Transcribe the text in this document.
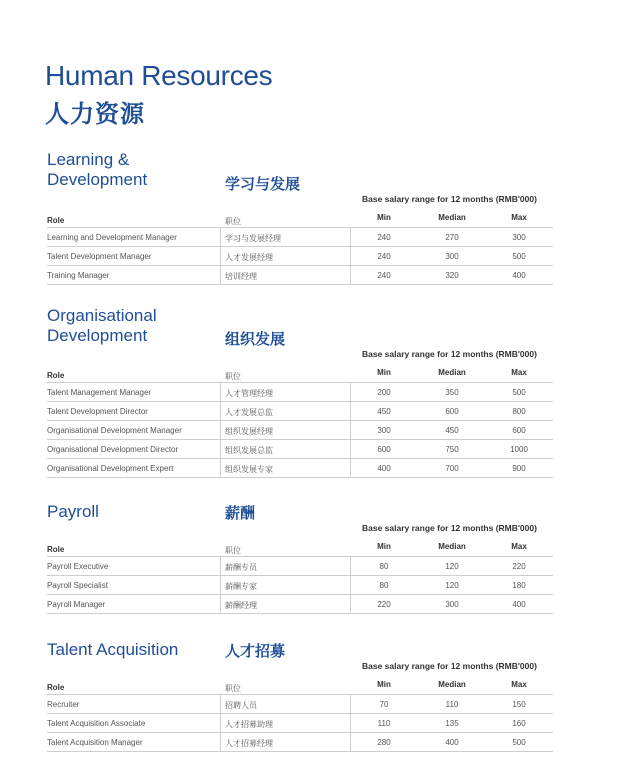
Human Resources
人力资源
Learning & Development	学习与发展
Base salary range for 12 months (RMB'000)
Role	职位	Min	Median	Max
Learning and Development Manager	学习与发展经理	240	270	300
Talent Development Manager	人才发展经理	240	300	500
Training Manager	培训经理	240	320	400
Organisational Development	组织发展
Base salary range for 12 months (RMB'000)
Role	职位	Min	Median	Max
Talent Management Manager	人才管理经理	200	350	500
Talent Development Director	人才发展总监	450	600	800
Organisational Development Manager	组织发展经理	300	450	600
Organisational Development Director	组织发展总监	600	750	1000
Organisational Development Expert	组织发展专家	400	700	900
Payroll	薪酬
Base salary range for 12 months (RMB'000)
Role	职位	Min	Median	Max
Payroll Executive	薪酬专员	80	120	220
Payroll Specialist	薪酬专家	80	120	180
Payroll Manager	薪酬经理	220	300	400
Talent Acquisition	人才招募
Base salary range for 12 months (RMB'000)
Role	职位	Min	Median	Max
Recruiter	招聘人员	70	110	150
Talent Acquisition Associate	人才招募助理	110	135	160
Talent Acquisition Manager	人才招募经理	280	400	500
